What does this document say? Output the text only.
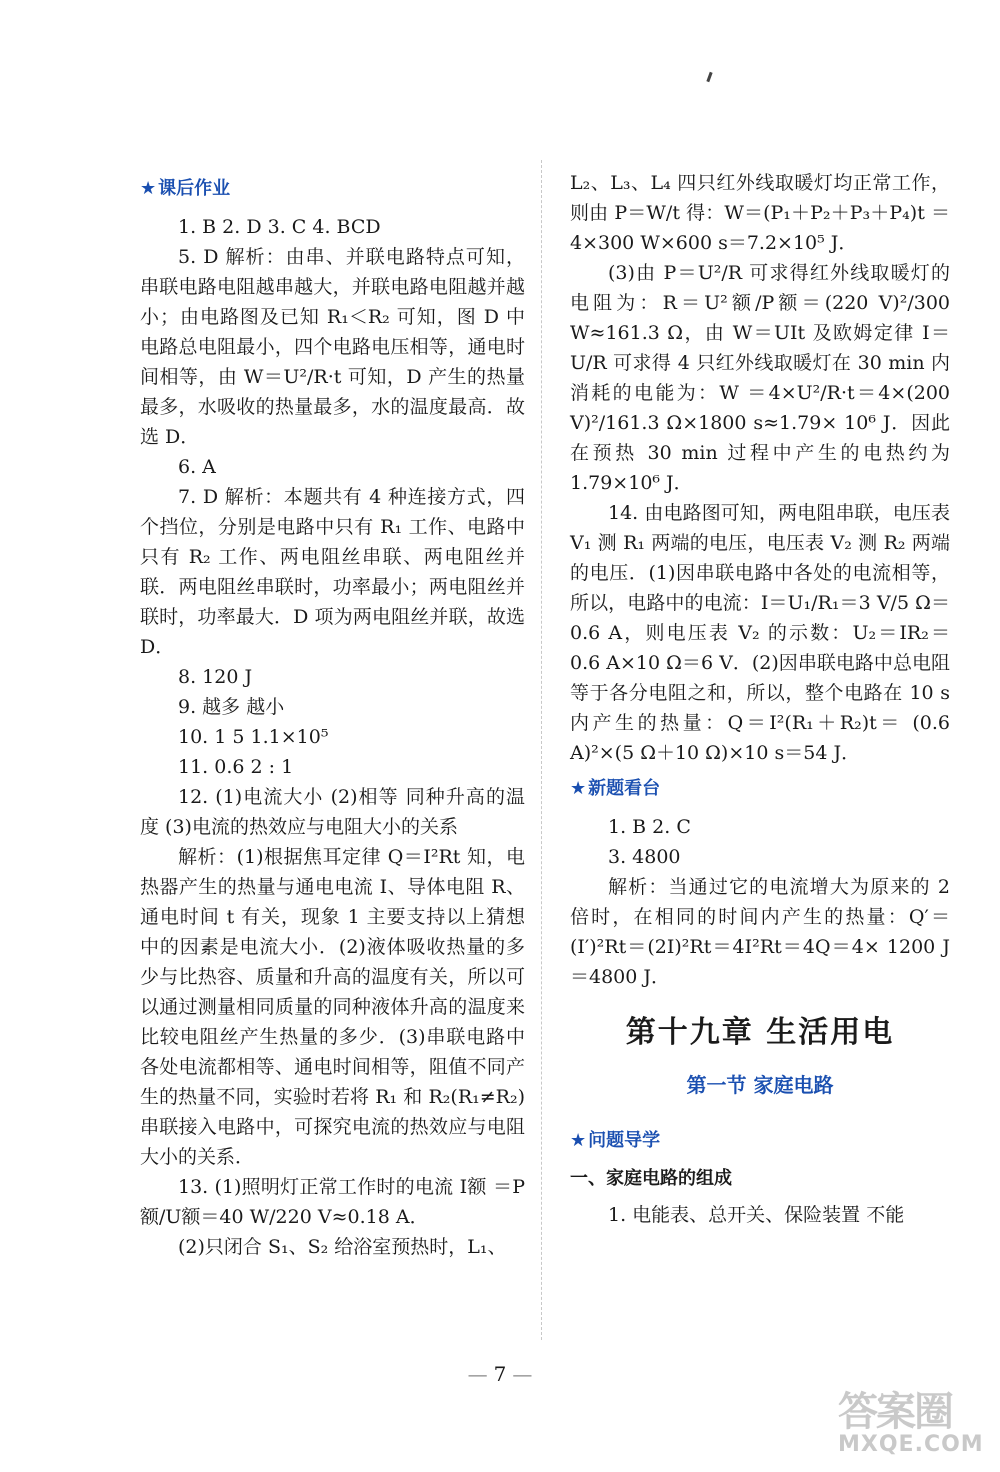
★ 课后作业

1. B 2. D 3. C 4. BCD

5. D 解析：由串、并联电路特点可知，串联电路电阻越串越大，并联电路电阻越并越小；由电路图及已知 R₁＜R₂ 可知，图 D 中电路总电阻最小，四个电路电压相等，通电时间相等，由 W＝U²/R·t 可知，D 产生的热量最多，水吸收的热量最多，水的温度最高．故选 D．

6. A

7. D 解析：本题共有 4 种连接方式，四个挡位，分别是电路中只有 R₁ 工作、电路中只有 R₂ 工作、两电阻丝串联、两电阻丝并联．两电阻丝串联时，功率最小；两电阻丝并联时，功率最大．D 项为两电阻丝并联，故选 D．

8. 120 J

9. 越多 越小

10. 1 5 1.1×10⁵

11. 0.6 2 : 1

12. (1)电流大小 (2)相等 同种升高的温度 (3)电流的热效应与电阻大小的关系

解析：(1)根据焦耳定律 Q＝I²Rt 知，电热器产生的热量与通电电流 I、导体电阻 R、通电时间 t 有关，现象 1 主要支持以上猜想中的因素是电流大小．(2)液体吸收热量的多少与比热容、质量和升高的温度有关，所以可以通过测量相同质量的同种液体升高的温度来比较电阻丝产生热量的多少．(3)串联电路中各处电流都相等、通电时间相等，阻值不同产生的热量不同，实验时若将 R₁ 和 R₂(R₁≠R₂)串联接入电路中，可探究电流的热效应与电阻大小的关系．

13. (1)照明灯正常工作时的电流 I额 ＝P额/U额＝40 W/220 V≈0.18 A．

(2)只闭合 S₁、S₂ 给浴室预热时，L₁、

L₂、L₃、L₄ 四只红外线取暖灯均正常工作，则由 P＝W/t 得：W＝(P₁＋P₂＋P₃＋P₄)t ＝4×300 W×600 s＝7.2×10⁵ J．

(3)由 P＝U²/R 可求得红外线取暖灯的电阻为：R＝U²额/P额＝(220 V)²/300 W≈161.3 Ω，由 W＝UIt 及欧姆定律 I＝U/R 可求得 4 只红外线取暖灯在 30 min 内消耗的电能为：W ＝4×U²/R·t＝4×(200 V)²/161.3 Ω×1800 s≈1.79× 10⁶ J．因此在预热 30 min 过程中产生的电热约为 1.79×10⁶ J．

14. 由电路图可知，两电阻串联，电压表 V₁ 测 R₁ 两端的电压，电压表 V₂ 测 R₂ 两端的电压．(1)因串联电路中各处的电流相等，所以，电路中的电流：I＝U₁/R₁＝3 V/5 Ω＝ 0.6 A，则电压表 V₂ 的示数：U₂＝IR₂＝ 0.6 A×10 Ω＝6 V．(2)因串联电路中总电阻等于各分电阻之和，所以，整个电路在 10 s 内产生的热量：Q＝I²(R₁＋R₂)t＝ (0.6 A)²×(5 Ω＋10 Ω)×10 s＝54 J．

★ 新题看台

1. B 2. C

3. 4800

解析：当通过它的电流增大为原来的 2 倍时，在相同的时间内产生的热量：Q′＝ (I′)²Rt＝(2I)²Rt＝4I²Rt＝4Q＝4× 1200 J＝4800 J．

第十九章 生活用电
第一节 家庭电路
★ 问题导学
一、家庭电路的组成

1. 电能表、总开关、保险装置 不能

— 7 —
答案圈
MXQE.COM
